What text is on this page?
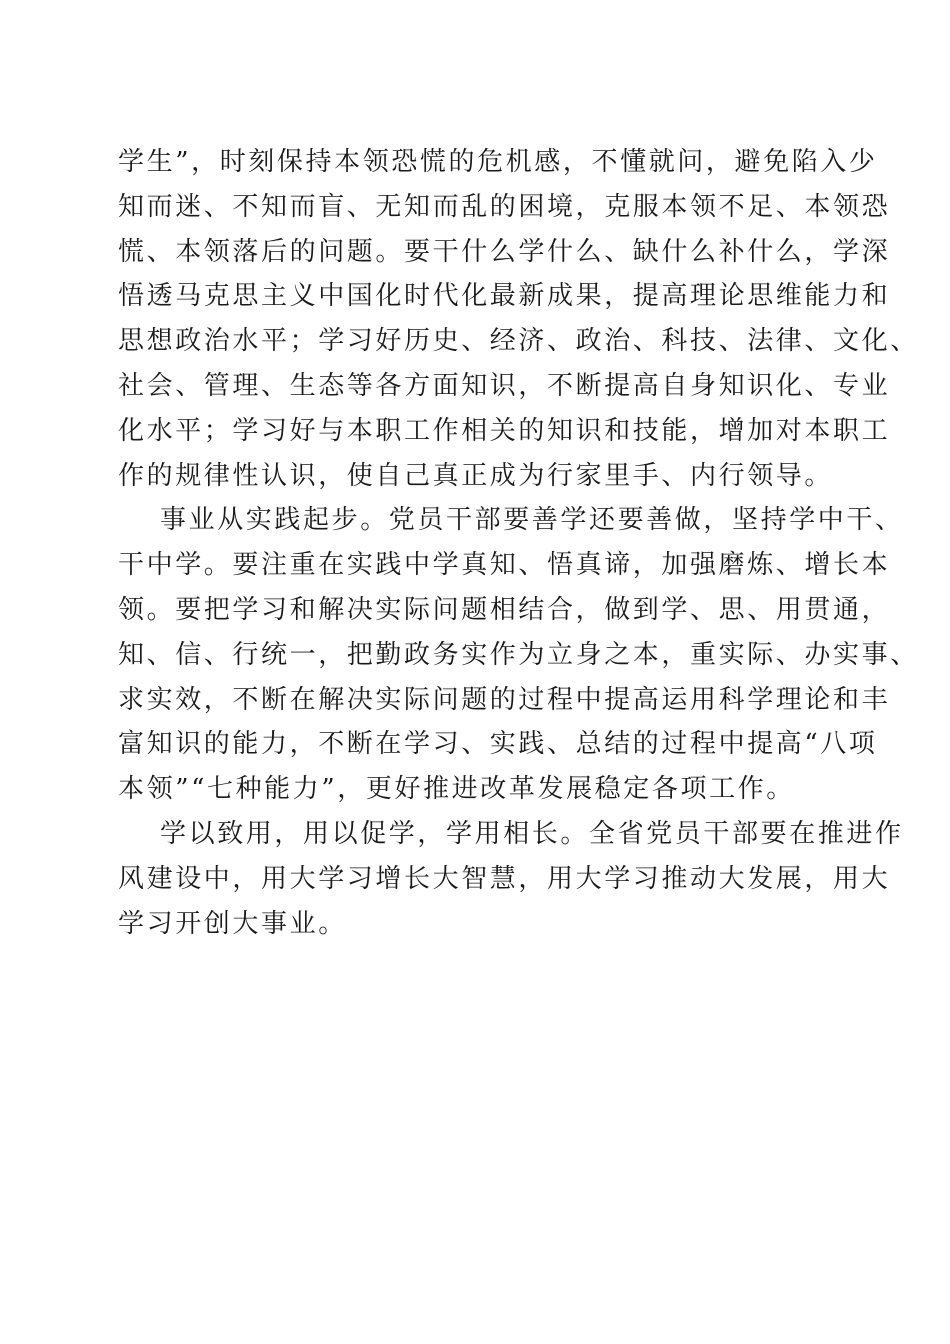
学生”，时刻保持本领恐慌的危机感，不懂就问，避免陷入少
知而迷、不知而盲、无知而乱的困境，克服本领不足、本领恐
慌、本领落后的问题。要干什么学什么、缺什么补什么，学深
悟透马克思主义中国化时代化最新成果，提高理论思维能力和
思想政治水平；学习好历史、经济、政治、科技、法律、文化、
社会、管理、生态等各方面知识，不断提高自身知识化、专业
化水平；学习好与本职工作相关的知识和技能，增加对本职工
作的规律性认识，使自己真正成为行家里手、内行领导。
事业从实践起步。党员干部要善学还要善做，坚持学中干、
干中学。要注重在实践中学真知、悟真谛，加强磨炼、增长本
领。要把学习和解决实际问题相结合，做到学、思、用贯通，
知、信、行统一，把勤政务实作为立身之本，重实际、办实事、
求实效，不断在解决实际问题的过程中提高运用科学理论和丰
富知识的能力，不断在学习、实践、总结的过程中提高“八项
本领”“七种能力”，更好推进改革发展稳定各项工作。
学以致用，用以促学，学用相长。全省党员干部要在推进作
风建设中，用大学习增长大智慧，用大学习推动大发展，用大
学习开创大事业。
